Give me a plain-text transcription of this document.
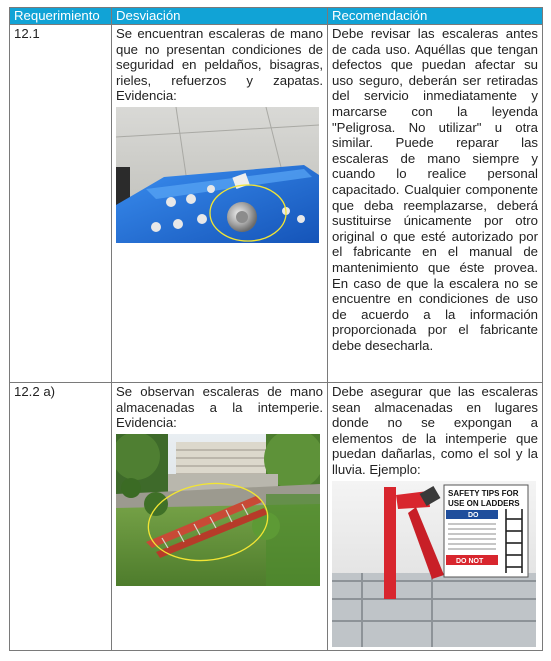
Requerimiento	Desviación	Recomendación
12.1	Se encuentran escaleras de mano que no presentan condiciones de seguridad en peldaños, bisagras, rieles, refuerzos y zapatas. Evidencia:	Debe revisar las escaleras antes de cada uso. Aquéllas que tengan defectos que puedan afectar su uso seguro, deberán ser retiradas del servicio inmediatamente y marcarse con la leyenda "Peligrosa. No utilizar" u otra similar. Puede reparar las escaleras de mano siempre y cuando lo realice personal capacitado. Cualquier componente que deba reemplazarse, deberá sustituirse únicamente por otro original o que esté autorizado por el fabricante en el manual de mantenimiento que éste provea. En caso de que la escalera no se encuentre en condiciones de uso de acuerdo a la información proporcionada por el fabricante debe desecharla.

12.2 a)	Se observan escaleras de mano almacenadas a la intemperie. Evidencia:	Debe asegurar que las escaleras sean almacenadas en lugares donde no se expongan a elementos de la intemperie que puedan dañarlas, como el sol y la lluvia. Ejemplo:
SAFETY TIPS FOR
USE ON LADDERS
DO
DO NOT
